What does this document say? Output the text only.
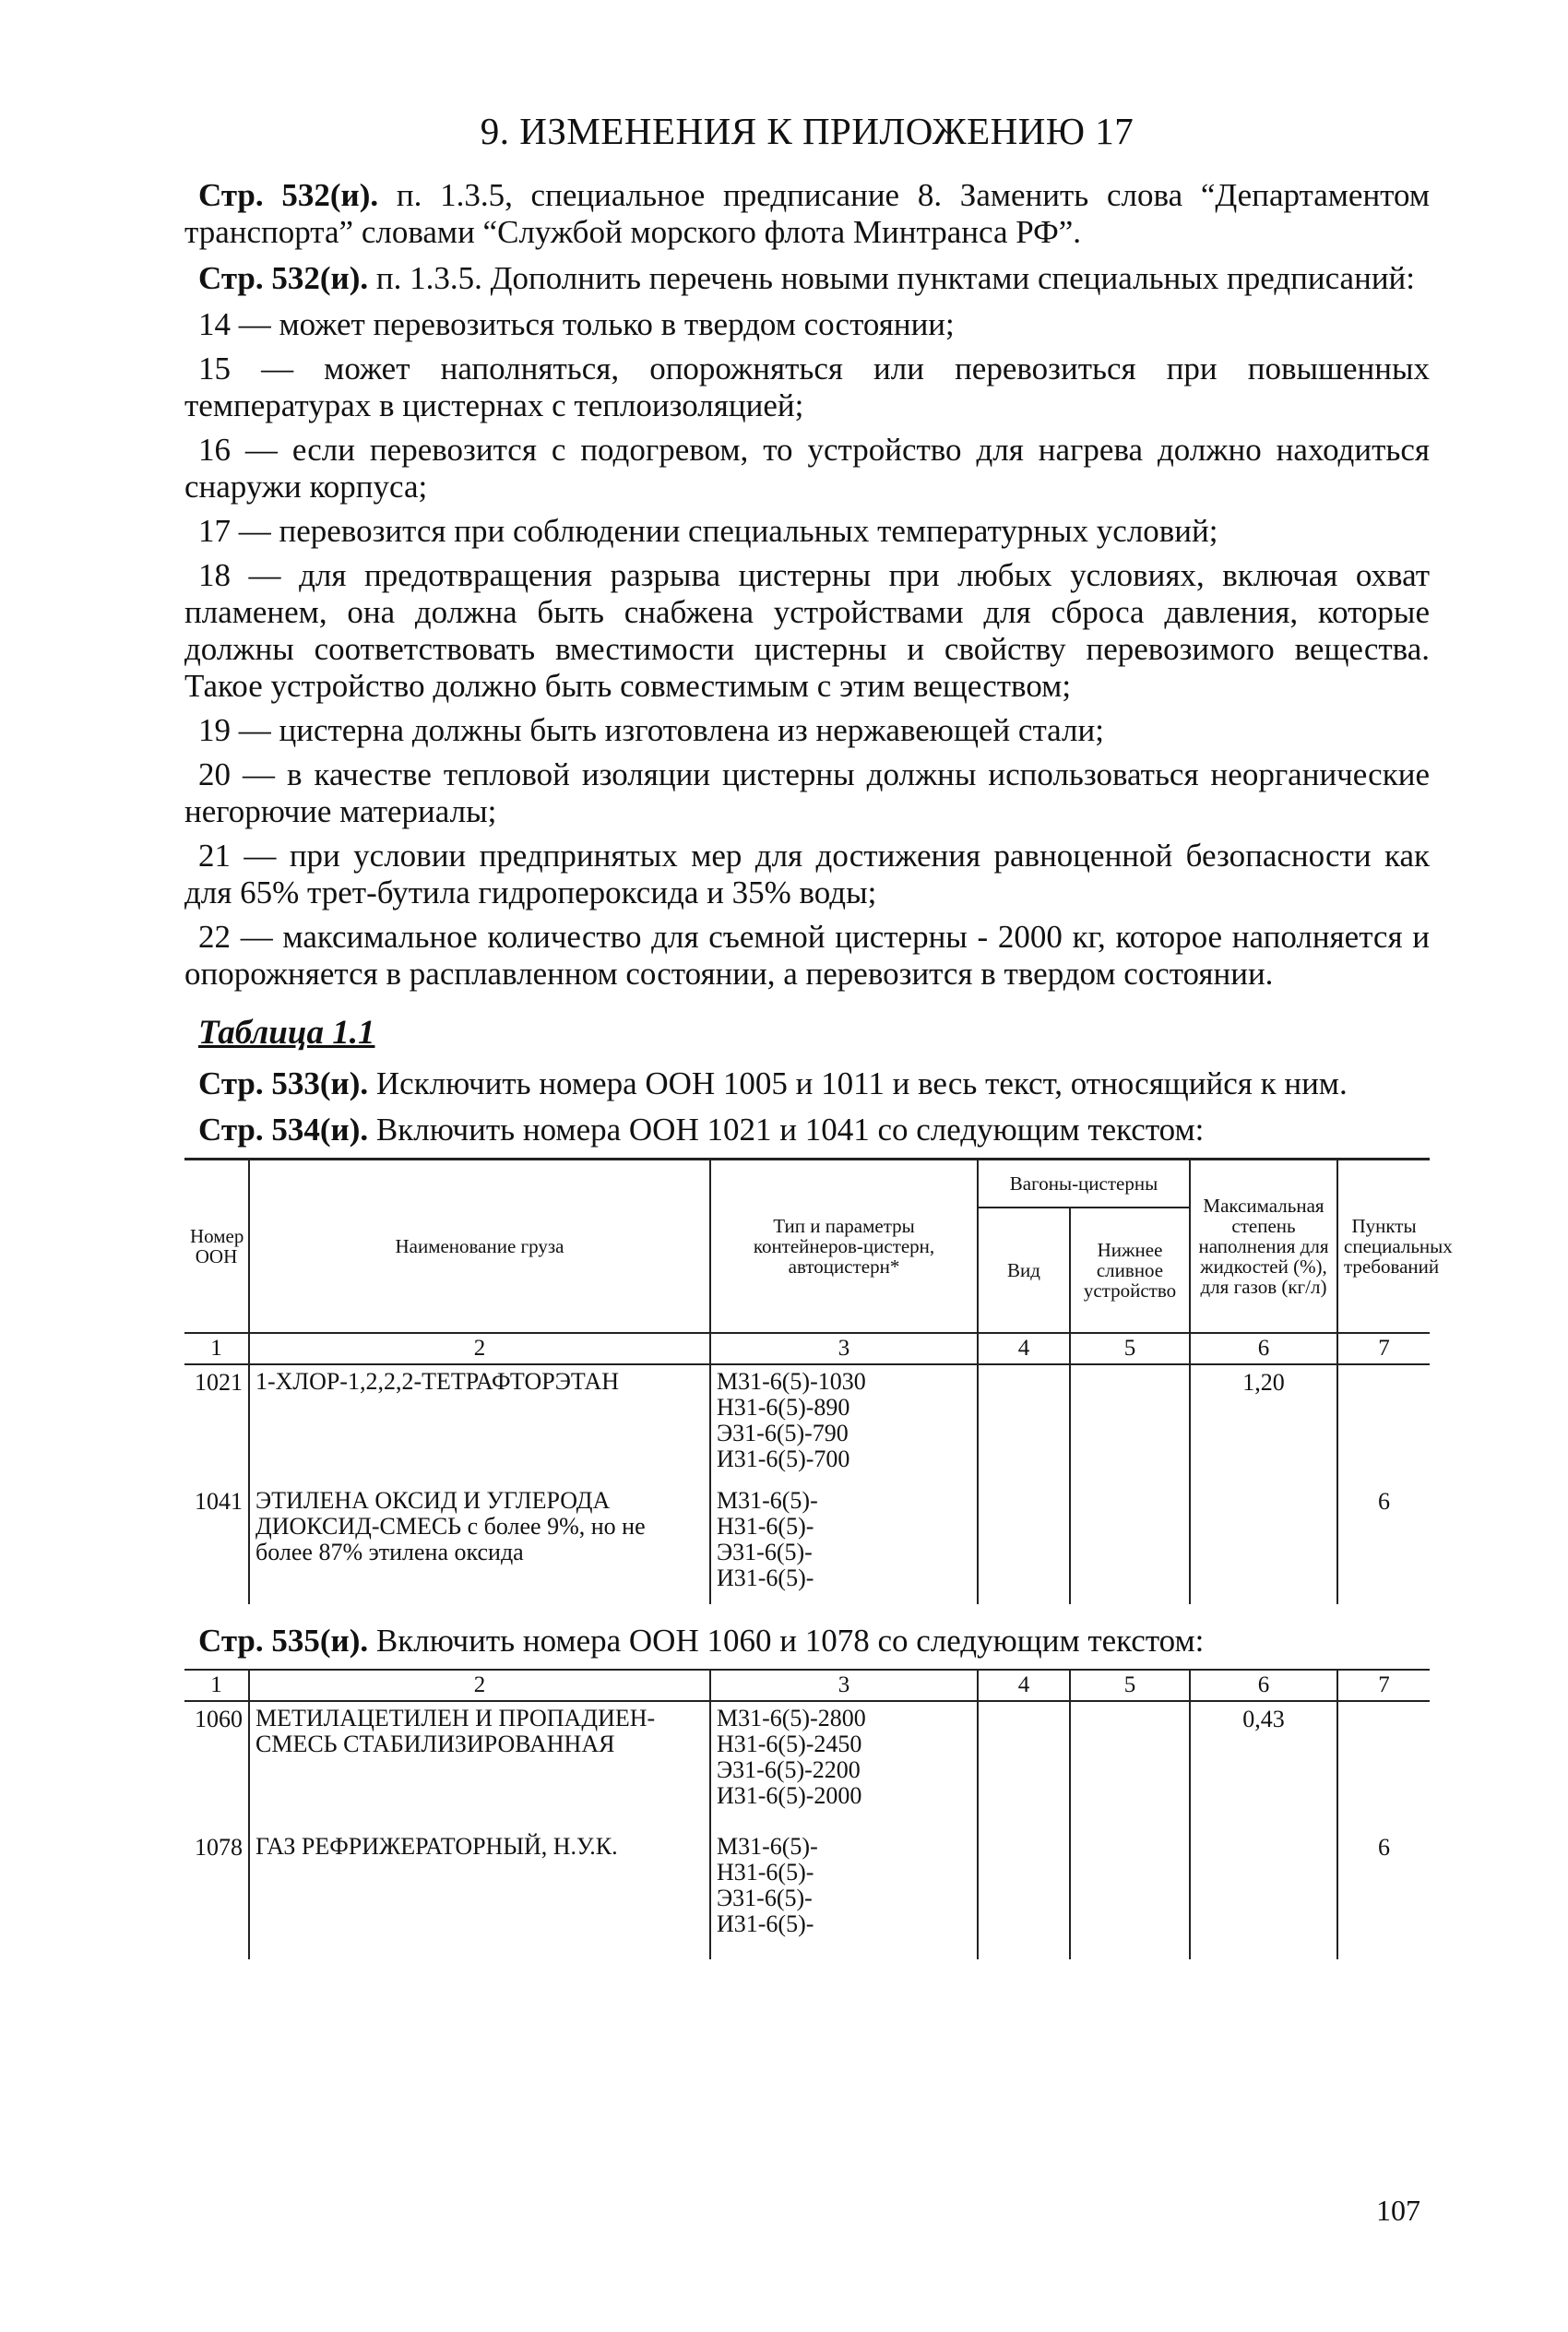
9. ИЗМЕНЕНИЯ К ПРИЛОЖЕНИЮ 17

Стр. 532(и). п. 1.3.5, специальное предписание 8. Заменить слова “Департаментом транспорта” словами “Службой морского флота Минтранса РФ”.

Стр. 532(и). п. 1.3.5. Дополнить перечень новыми пунктами специальных предписаний:

14 — может перевозиться только в твердом состоянии;

15 — может наполняться, опорожняться или перевозиться при повышенных температурах в цистернах с теплоизоляцией;

16 — если перевозится с подогревом, то устройство для нагрева должно находиться снаружи корпуса;

17 — перевозится при соблюдении специальных температурных условий;

18 — для предотвращения разрыва цистерны при любых условиях, включая охват пламенем, она должна быть снабжена устройствами для сброса давления, которые должны соответствовать вместимости цистерны и свойству перевозимого вещества. Такое устройство должно быть совместимым с этим веществом;

19 — цистерна должны быть изготовлена из нержавеющей стали;

20 — в качестве тепловой изоляции цистерны должны использоваться неорганические негорючие материалы;

21 — при условии предпринятых мер для достижения равноценной безопасности как для 65% трет-бутила гидропероксида и 35% воды;

22 — максимальное количество для съемной цистерны - 2000 кг, которое наполняется и опорожняется в расплавленном состоянии, а перевозится в твердом состоянии.

Таблица 1.1

Стр. 533(и). Исключить номера ООН 1005 и 1011 и весь текст, относящийся к ним.

Стр. 534(и). Включить номера ООН 1021 и 1041 со следующим текстом:

Номер ООН	Наименование груза	Тип и параметры контейнеров-цистерн, автоцистерн*	Вагоны-цистерны		Максимальная степень наполнения для жидкостей (%), для газов (кг/л)	Пункты специальных требований
			Вид	Нижнее сливное устройство		
1	2	3	4	5	6	7
1021	1-ХЛОР-1,2,2,2-ТЕТРАФТОРЭТАН	М31-6(5)-1030
Н31-6(5)-890
Э31-6(5)-790
И31-6(5)-700			1,20	
1041	ЭТИЛЕНА ОКСИД И УГЛЕРОДА ДИОКСИД-СМЕСЬ с более 9%, но не более 87% этилена оксида	М31-6(5)-
Н31-6(5)-
Э31-6(5)-
И31-6(5)-				6

Стр. 535(и). Включить номера ООН 1060 и 1078 со следующим текстом:

1	2	3	4	5	6	7
1060	МЕТИЛАЦЕТИЛЕН И ПРОПАДИЕН-СМЕСЬ СТАБИЛИЗИРОВАННАЯ	М31-6(5)-2800
Н31-6(5)-2450
Э31-6(5)-2200
И31-6(5)-2000			0,43	
1078	ГАЗ РЕФРИЖЕРАТОРНЫЙ, Н.У.К.	М31-6(5)-
Н31-6(5)-
Э31-6(5)-
И31-6(5)-				6
107
